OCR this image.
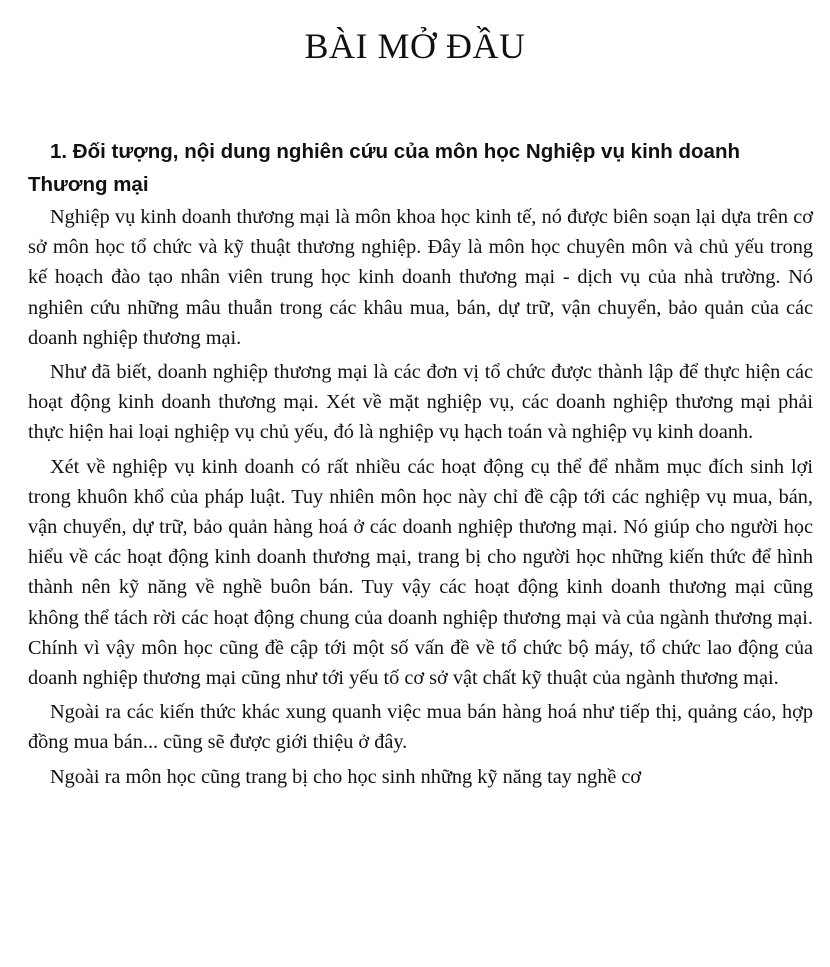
BÀI MỞ ĐẦU
1. Đối tượng, nội dung nghiên cứu của môn học Nghiệp vụ kinh doanh Thương mại

Nghiệp vụ kinh doanh thương mại là môn khoa học kinh tế, nó được biên soạn lại dựa trên cơ sở môn học tổ chức và kỹ thuật thương nghiệp. Đây là môn học chuyên môn và chủ yếu trong kế hoạch đào tạo nhân viên trung học kinh doanh thương mại - dịch vụ của nhà trường. Nó nghiên cứu những mâu thuẫn trong các khâu mua, bán, dự trữ, vận chuyển, bảo quản của các doanh nghiệp thương mại.

Như đã biết, doanh nghiệp thương mại là các đơn vị tổ chức được thành lập để thực hiện các hoạt động kinh doanh thương mại. Xét về mặt nghiệp vụ, các doanh nghiệp thương mại phải thực hiện hai loại nghiệp vụ chủ yếu, đó là nghiệp vụ hạch toán và nghiệp vụ kinh doanh.

Xét về nghiệp vụ kinh doanh có rất nhiều các hoạt động cụ thể để nhằm mục đích sinh lợi trong khuôn khổ của pháp luật. Tuy nhiên môn học này chỉ đề cập tới các nghiệp vụ mua, bán, vận chuyển, dự trữ, bảo quản hàng hoá ở các doanh nghiệp thương mại. Nó giúp cho người học hiểu về các hoạt động kinh doanh thương mại, trang bị cho người học những kiến thức để hình thành nên kỹ năng về nghề buôn bán. Tuy vậy các hoạt động kinh doanh thương mại cũng không thể tách rời các hoạt động chung của doanh nghiệp thương mại và của ngành thương mại. Chính vì vậy môn học cũng đề cập tới một số vấn đề về tổ chức bộ máy, tổ chức lao động của doanh nghiệp thương mại cũng như tới yếu tố cơ sở vật chất kỹ thuật của ngành thương mại.

Ngoài ra các kiến thức khác xung quanh việc mua bán hàng hoá như tiếp thị, quảng cáo, hợp đồng mua bán... cũng sẽ được giới thiệu ở đây.

Ngoài ra môn học cũng trang bị cho học sinh những kỹ năng tay nghề cơ
